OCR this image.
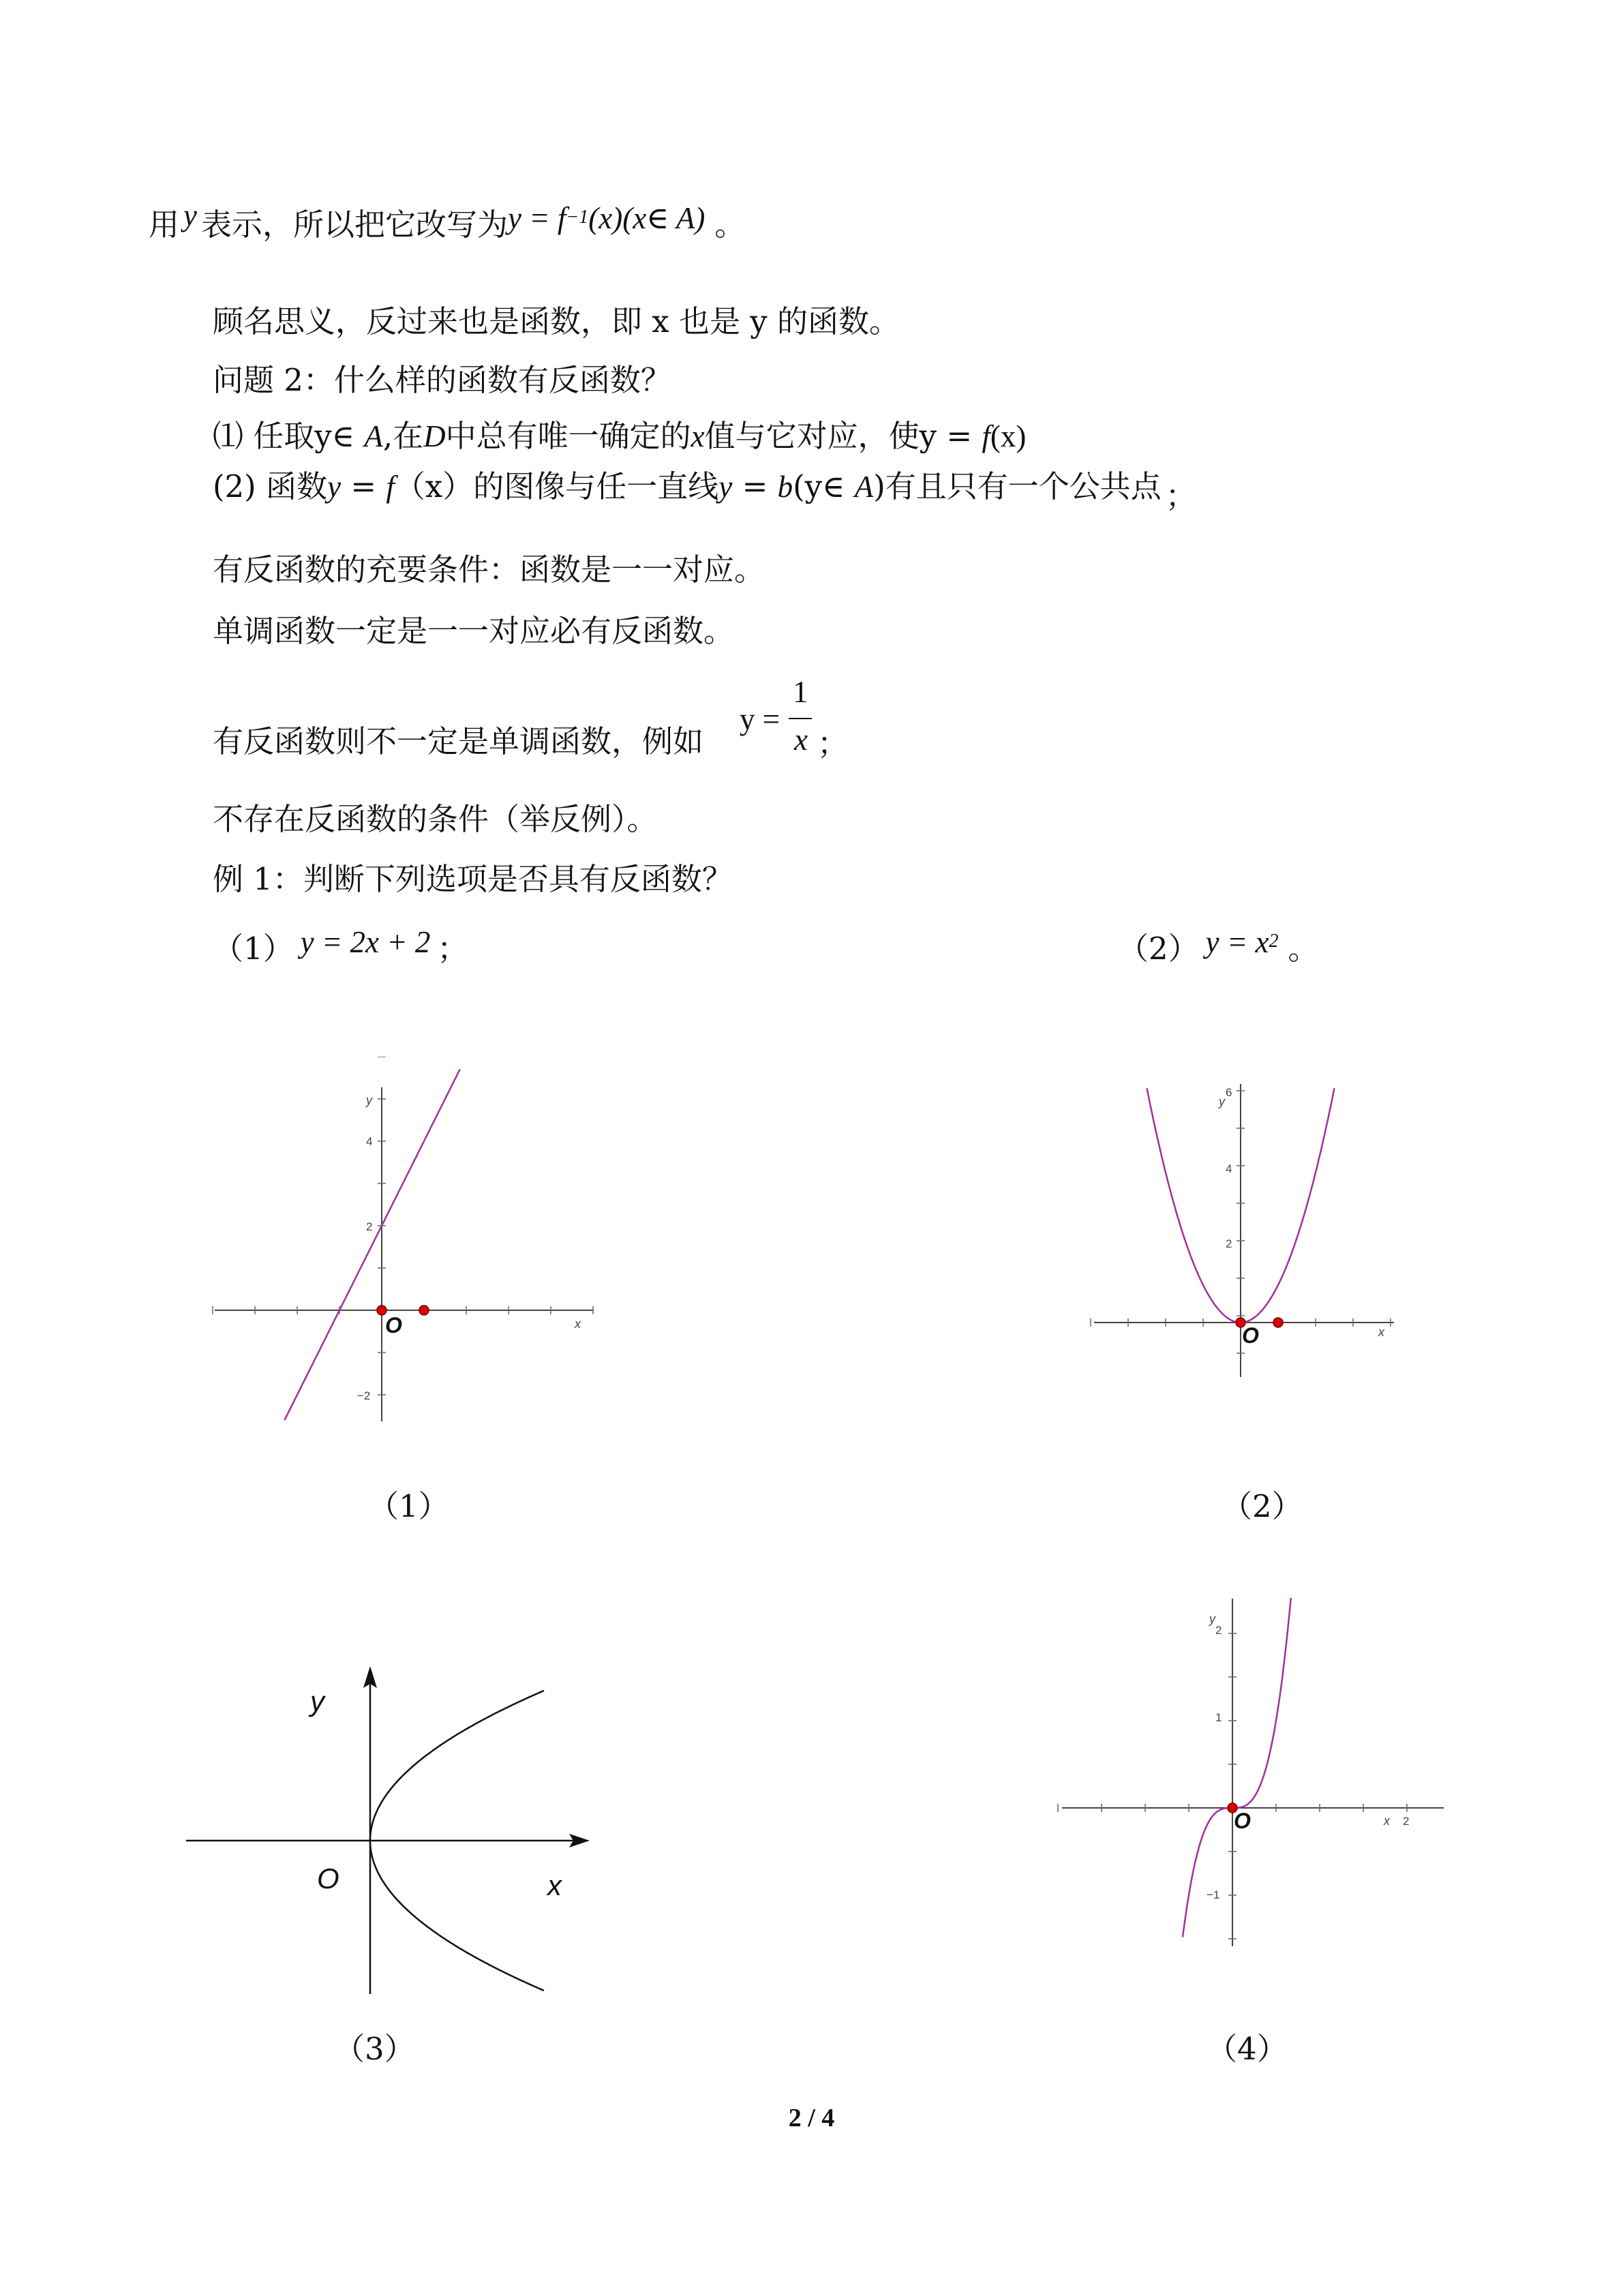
用 y 表示，所以把它改写为$y = f^{-1}(x)(x\in$ A) 。
顾名思义，反过来也是函数，即 x 也是 y 的函数。
问题 2：什么样的函数有反函数？
⑴ 任取y∈ A,在D中总有唯一确定的x值与它对应，使y = f(x)
(2) 函数y = f（x）的图像与任一直线y = b(y∈ A)有且只有一个公共点 ；
有反函数的充要条件：函数是一一对应。
单调函数一定是一一对应必有反函数。
有反函数则不一定是单调函数，例如
y =
1
x ；
不存在反函数的条件（举反例）。
例 1：判断下列选项是否具有反函数？
（1） y = 2x + 2 ；	（2） $y = x^2$ 。
4
2
−2
O	x
y
（1）
6
4
2
O	x
y
（2）
y
O	x
（3）
2
1
−1
2
O	x
y
（4）
2 / 4
